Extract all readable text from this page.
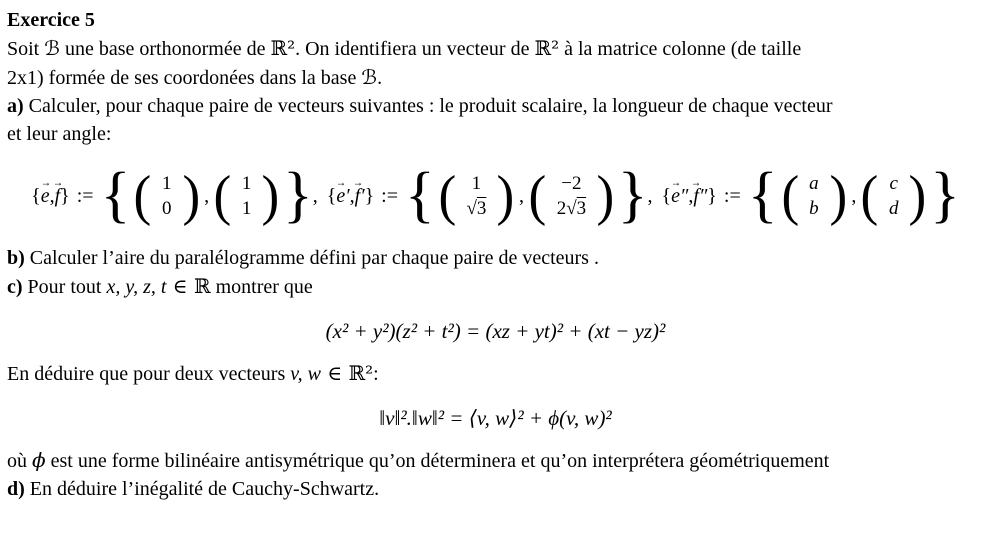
Exercice 5
Soit ℬ une base orthonormée de ℝ². On identifiera un vecteur de ℝ² à la matrice colonne (de taille
2x1) formée de ses coordonées dans la base ℬ.
a) Calculer, pour chaque paire de vecteurs suivantes : le produit scalaire, la longueur de chaque vecteur
et leur angle:
{
→
e,
→
f} := { ( 1
0 ) , ( 1
1 ) } , {
→
e′,
→
f′} := { ( 1
√3 ) , ( −2
2√3 ) } , {
→
e″,
→
f″} := { ( a
b ) , ( c
d ) }
b) Calculer l’aire du paralélogramme défini par chaque paire de vecteurs .
c) Pour tout x, y, z, t ∈ ℝ montrer que
(x² + y²)(z² + t²) = (xz + yt)² + (xt − yz)²
En déduire que pour deux vecteurs v, w ∈ ℝ²:
‖v‖².‖w‖² = ⟨v, w⟩² + ϕ(v, w)²
où ϕ est une forme bilinéaire antisymétrique qu’on déterminera et qu’on interprétera géométriquement
d) En déduire l’inégalité de Cauchy-Schwartz.
